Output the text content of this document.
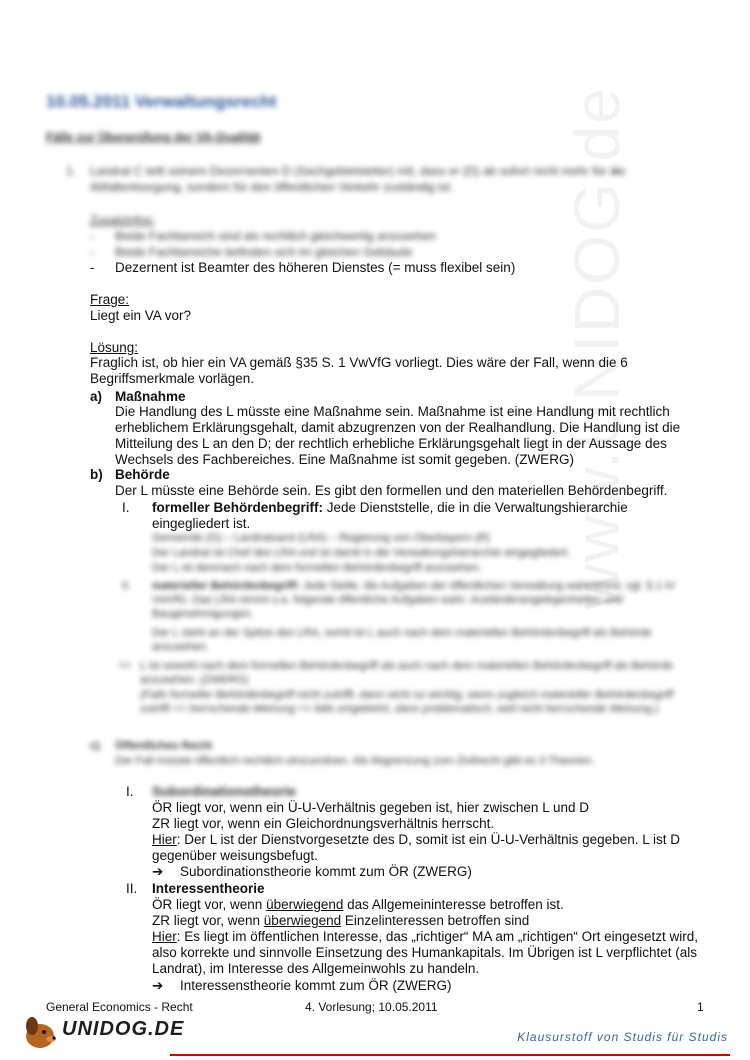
www.UNIDOG.de
10.05.2011 Verwaltungsrecht
Fälle zur Überprüfung der VA-Qualität
1.	Landrat C teilt seinem Dezernenten D (Sachgebietsleiter) mit, dass er (D) ab sofort nicht mehr für die Abfallentsorgung, sondern für den öffentlichen Verkehr zuständig ist.
Zusatzinfos:
- Beide Fachbereich sind als rechtlich gleichwertig anzusehen
- Beide Fachbereiche befinden sich im gleichen Gebäude
- Dezernent ist Beamter des höheren Dienstes (= muss flexibel sein)
Frage:
Liegt ein VA vor?
Lösung:
Fraglich ist, ob hier ein VA gemäß §35 S. 1 VwVfG vorliegt. Dies wäre der Fall, wenn die 6 Begriffsmerkmale vorlägen.
a) Maßnahme
Die Handlung des L müsste eine Maßnahme sein. Maßnahme ist eine Handlung mit rechtlich erheblichem Erklärungsgehalt, damit abzugrenzen von der Realhandlung. Die Handlung ist die Mitteilung des L an den D; der rechtlich erhebliche Erklärungsgehalt liegt in der Aussage des Wechsels des Fachbereiches. Eine Maßnahme ist somit gegeben. (ZWERG)
b) Behörde
Der L müsste eine Behörde sein. Es gibt den formellen und den materiellen Behördenbegriff.
I. formeller Behördenbegriff: Jede Dienststelle, die in die Verwaltungshierarchie eingegliedert ist.
Gemeinde (G) – Landratsamt (LRA) – Regierung von Oberbayern (R)
Der Landrat ist Chef des LRA und ist damit in die Verwaltungshierarchie eingegliedert.
Der L ist demnach nach dem formellen Behördenbegriff anzusehen.
II. materieller Behördenbegriff: Jede Stelle, die Aufgaben der öffentlichen Verwaltung wahrnimmt, vgl. § 1 IV VwVfG. Das LRA nimmt u.a. folgende öffentliche Aufgaben wahr: Ausländerangelegenheiten und Baugenehmigungen.
Der L steht an der Spitze des LRA, somit ist L auch nach dem materiellen Behördenbegriff als Behörde anzusehen.
=> L ist sowohl nach dem formellen Behördenbegriff als auch nach dem materiellen Behördenbegriff als Behörde anzusehen. (ZWERG)
(Falls formeller Behördenbegriff nicht zutrifft, dann nicht so wichtig, wenn zugleich materieller Behördenbegriff zutrifft => herrschende Meinung => falls umgekehrt, dann problematisch, weil nicht herrschende Meinung.)
c) Öffentliches Recht
Der Fall müsste öffentlich-rechtlich einzuordnen. Als Abgrenzung zum Zivilrecht gibt es 3 Theorien.
I. Subordinationstheorie
ÖR liegt vor, wenn ein Ü-U-Verhältnis gegeben ist, hier zwischen L und D
ZR liegt vor, wenn ein Gleichordnungsverhältnis herrscht.
Hier: Der L ist der Dienstvorgesetzte des D, somit ist ein Ü-U-Verhältnis gegeben. L ist D gegenüber weisungsbefugt.
➔ Subordinationstheorie kommt zum ÖR (ZWERG)
II. Interessentheorie
ÖR liegt vor, wenn überwiegend das Allgemeininteresse betroffen ist.
ZR liegt vor, wenn überwiegend Einzelinteressen betroffen sind
Hier: Es liegt im öffentlichen Interesse, das „richtiger“ MA am „richtigen“ Ort eingesetzt wird, also korrekte und sinnvolle Einsetzung des Humankapitals. Im Übrigen ist L verpflichtet (als Landrat), im Interesse des Allgemeinwohls zu handeln.
➔ Interessenstheorie kommt zum ÖR (ZWERG)
General Economics - Recht	4. Vorlesung; 10.05.2011	1
UNIDOG.DE	Klausurstoff von Studis für Studis
